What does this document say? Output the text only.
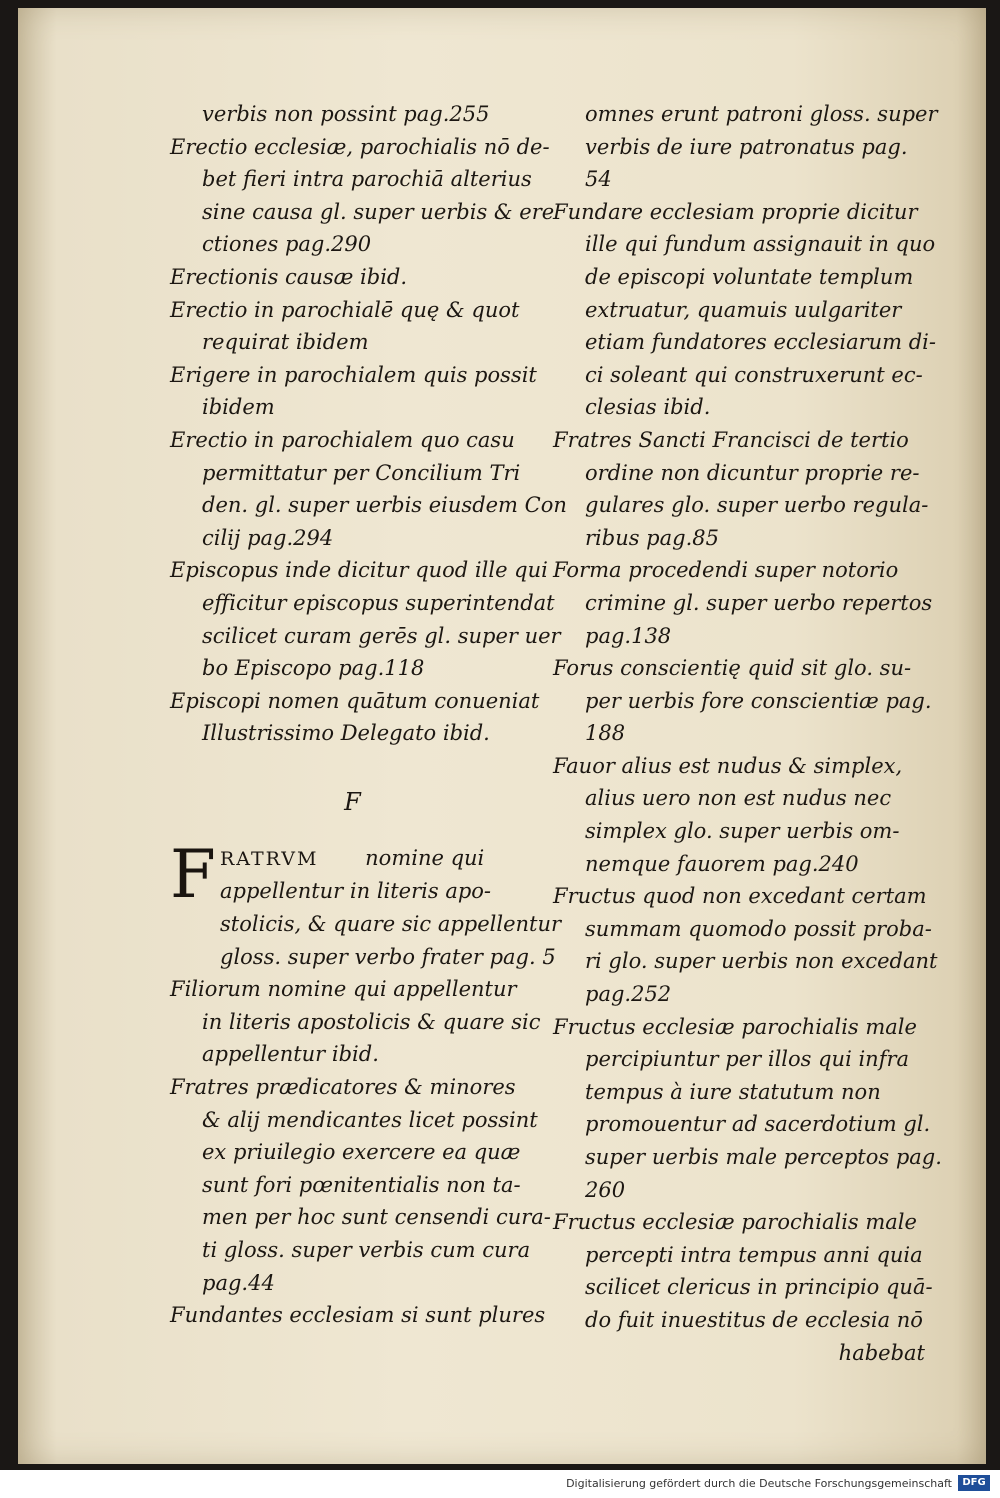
verbis non possint pag.255
Erectio ecclesiæ, parochialis nō de-
bet fieri intra parochiā alterius
sine causa gl. super uerbis & ere
ctiones pag.290
Erectionis causæ ibid.
Erectio in parochialē quę & quot
requirat ibidem
Erigere in parochialem quis possit
ibidem
Erectio in parochialem quo casu
permittatur per Concilium Tri
den. gl. super uerbis eiusdem Con
cilij pag.294
Episcopus inde dicitur quod ille qui
efficitur episcopus superintendat
scilicet curam gerēs gl. super uer
bo Episcopo pag.118
Episcopi nomen quātum conueniat
Illustrissimo Delegato ibid.
F
F RATRVM nomine qui
appellentur in literis apo-
stolicis, & quare sic appellentur
gloss. super verbo frater pag. 5
Filiorum nomine qui appellentur
in literis apostolicis & quare sic
appellentur ibid.
Fratres prædicatores & minores
& alij mendicantes licet possint
ex priuilegio exercere ea quæ
sunt fori pœnitentialis non ta-
men per hoc sunt censendi cura-
ti gloss. super verbis cum cura
pag.44
Fundantes ecclesiam si sunt plures
omnes erunt patroni gloss. super
verbis de iure patronatus pag.
54
Fundare ecclesiam proprie dicitur
ille qui fundum assignauit in quo
de episcopi voluntate templum
extruatur, quamuis uulgariter
etiam fundatores ecclesiarum di-
ci soleant qui construxerunt ec-
clesias ibid.
Fratres Sancti Francisci de tertio
ordine non dicuntur proprie re-
gulares glo. super uerbo regula-
ribus pag.85
Forma procedendi super notorio
crimine gl. super uerbo repertos
pag.138
Forus conscientię quid sit glo. su-
per uerbis fore conscientiæ pag.
188
Fauor alius est nudus & simplex,
alius uero non est nudus nec
simplex glo. super uerbis om-
nemque fauorem pag.240
Fructus quod non excedant certam
summam quomodo possit proba-
ri glo. super uerbis non excedant
pag.252
Fructus ecclesiæ parochialis male
percipiuntur per illos qui infra
tempus à iure statutum non
promouentur ad sacerdotium gl.
super uerbis male perceptos pag.
260
Fructus ecclesiæ parochialis male
percepti intra tempus anni quia
scilicet clericus in principio quā-
do fuit inuestitus de ecclesia nō
habebat
Digitalisierung gefördert durch die Deutsche Forschungsgemeinschaft	DFG
